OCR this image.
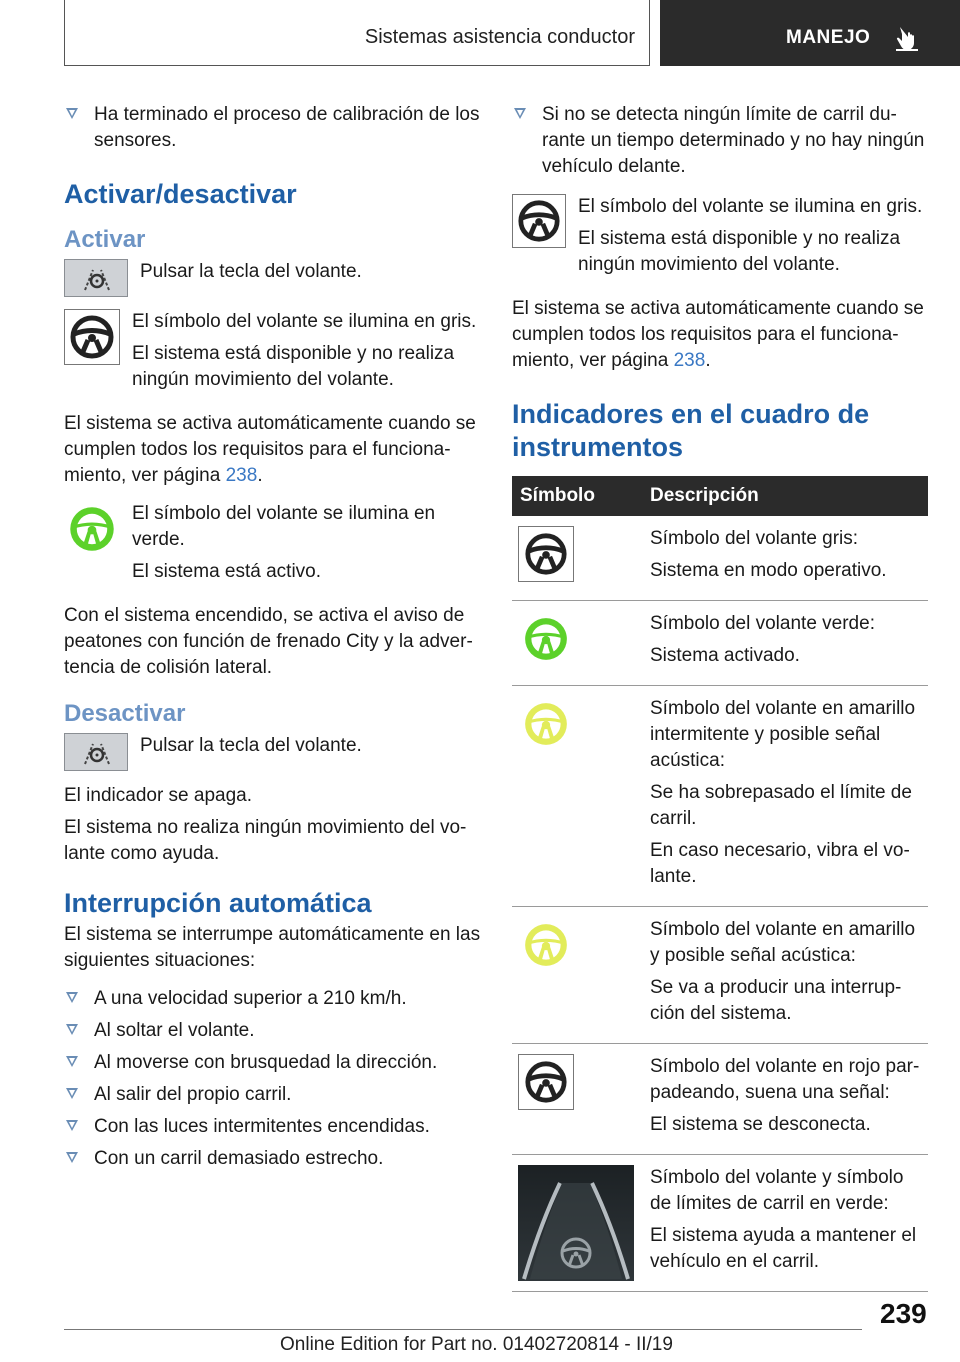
Sistemas asistencia conductor	MANEJO
Ha terminado el proceso de calibración de los sensores.
Activar/desactivar
Activar

Pulsar la tecla del volante.

El símbolo del volante se ilumina en gris.

El sistema está disponible y no realiza ningún movimiento del volante.

El sistema se activa automáticamente cuando se cumplen todos los requisitos para el funcionamiento, ver página 238.

El símbolo del volante se ilumina en verde.

El sistema está activo.

Con el sistema encendido, se activa el aviso de peatones con función de frenado City y la advertencia de colisión lateral.

Desactivar

Pulsar la tecla del volante.

El indicador se apaga.

El sistema no realiza ningún movimiento del volante como ayuda.

Interrupción automática

El sistema se interrumpe automáticamente en las siguientes situaciones:

A una velocidad superior a 210 km/h.
Al soltar el volante.
Al moverse con brusquedad la dirección.
Al salir del propio carril.
Con las luces intermitentes encendidas.
Con un carril demasiado estrecho.
Si no se detecta ningún límite de carril durante un tiempo determinado y no hay ningún vehículo delante.

El símbolo del volante se ilumina en gris.

El sistema está disponible y no realiza ningún movimiento del volante.

El sistema se activa automáticamente cuando se cumplen todos los requisitos para el funcionamiento, ver página 238.

Indicadores en el cuadro de instrumentos
Símbolo	Descripción

Símbolo del volante gris:

Sistema en modo operativo.

Símbolo del volante verde:

Sistema activado.

Símbolo del volante en amarillo intermitente y posible señal acústica:

Se ha sobrepasado el límite de carril.

En caso necesario, vibra el volante.

Símbolo del volante en amarillo y posible señal acústica:

Se va a producir una interrupción del sistema.

Símbolo del volante en rojo parpadeando, suena una señal:

El sistema se desconecta.

Símbolo del volante y símbolo de límites de carril en verde:

El sistema ayuda a mantener el vehículo en el carril.

239
Online Edition for Part no. 01402720814 - II/19
